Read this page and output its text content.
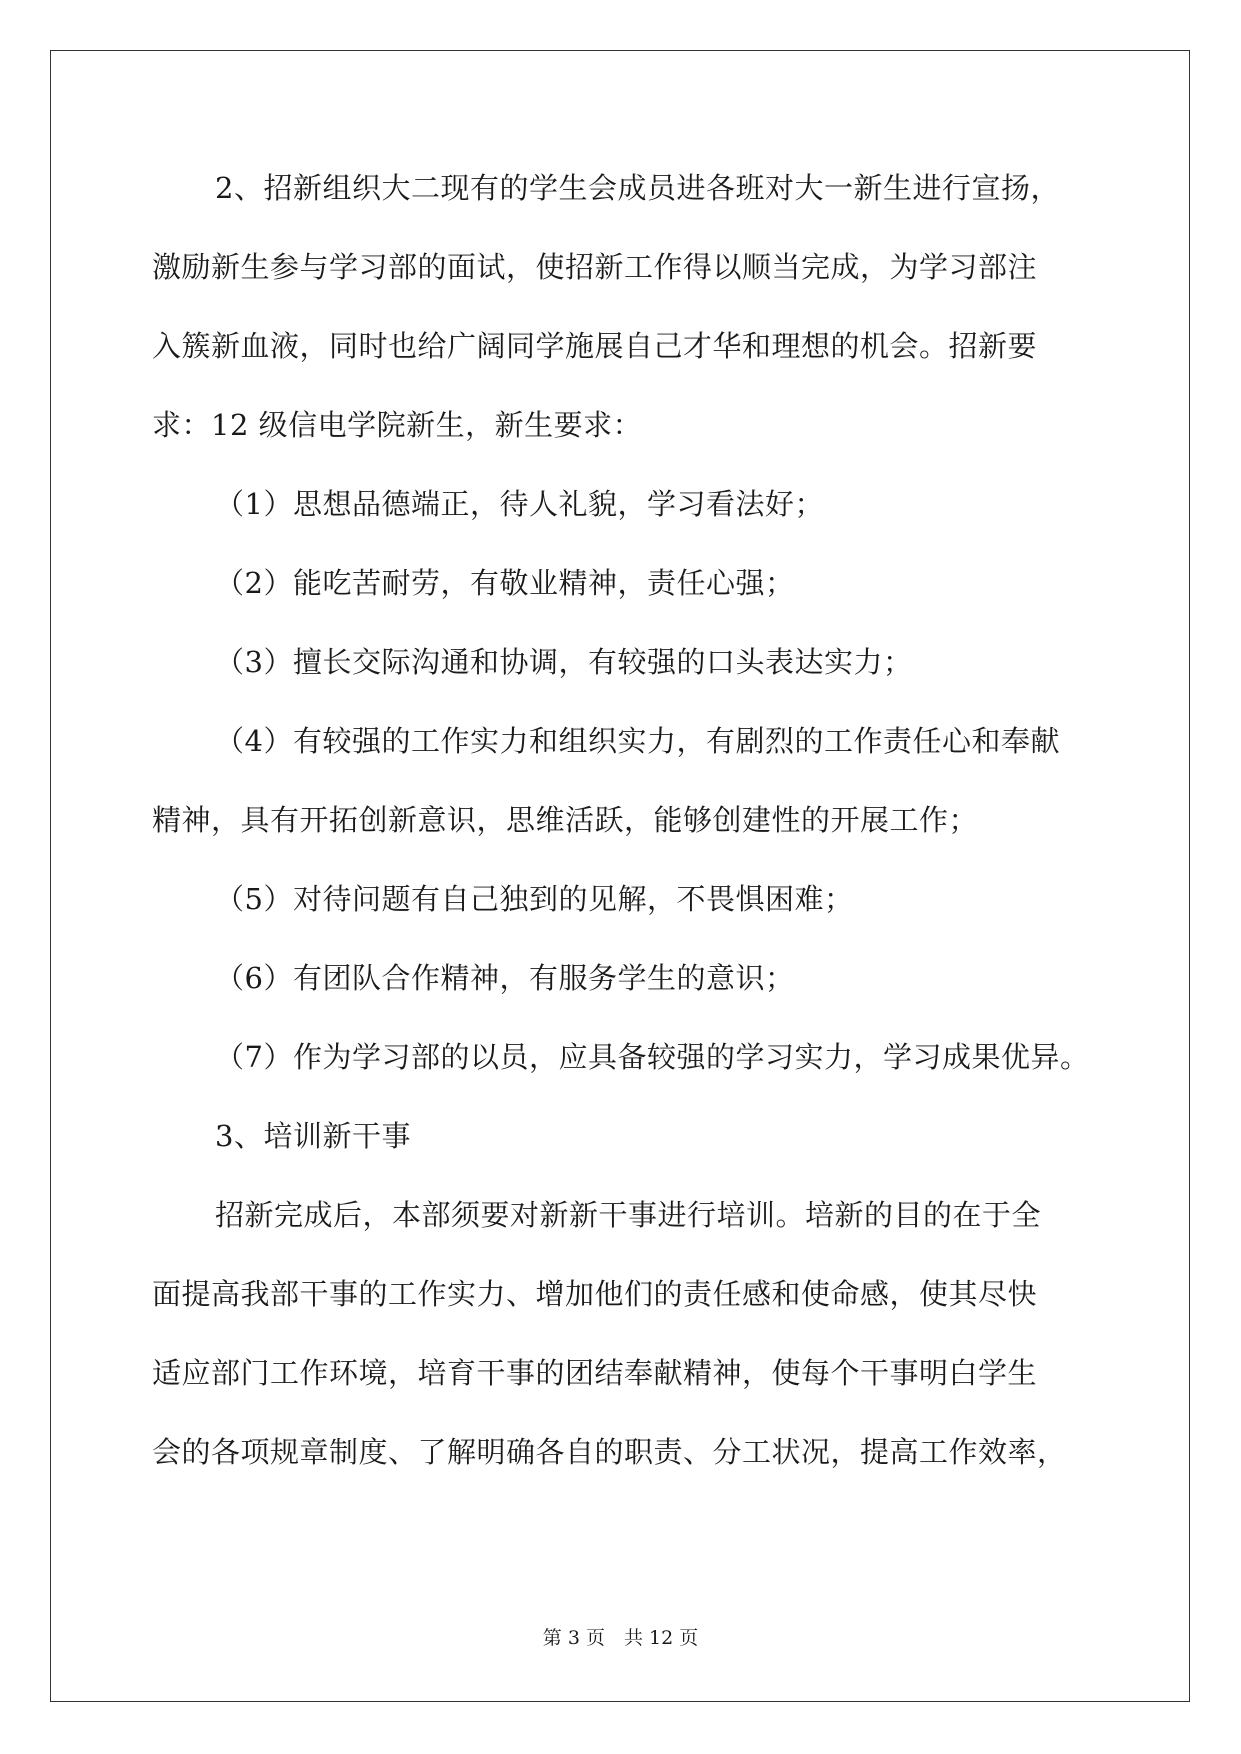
2、招新组织大二现有的学生会成员进各班对大一新生进行宣扬，
激励新生参与学习部的面试，使招新工作得以顺当完成，为学习部注
入簇新血液，同时也给广阔同学施展自己才华和理想的机会。招新要
求：12 级信电学院新生，新生要求：
（1）思想品德端正，待人礼貌，学习看法好；
（2）能吃苦耐劳，有敬业精神，责任心强；
（3）擅长交际沟通和协调，有较强的口头表达实力；
（4）有较强的工作实力和组织实力，有剧烈的工作责任心和奉献
精神，具有开拓创新意识，思维活跃，能够创建性的开展工作；
（5）对待问题有自己独到的见解，不畏惧困难；
（6）有团队合作精神，有服务学生的意识；
（7）作为学习部的以员，应具备较强的学习实力，学习成果优异。
3、培训新干事
招新完成后，本部须要对新新干事进行培训。培新的目的在于全
面提高我部干事的工作实力、增加他们的责任感和使命感，使其尽快
适应部门工作环境，培育干事的团结奉献精神，使每个干事明白学生
会的各项规章制度、了解明确各自的职责、分工状况，提高工作效率，
第 3 页　共 12 页
